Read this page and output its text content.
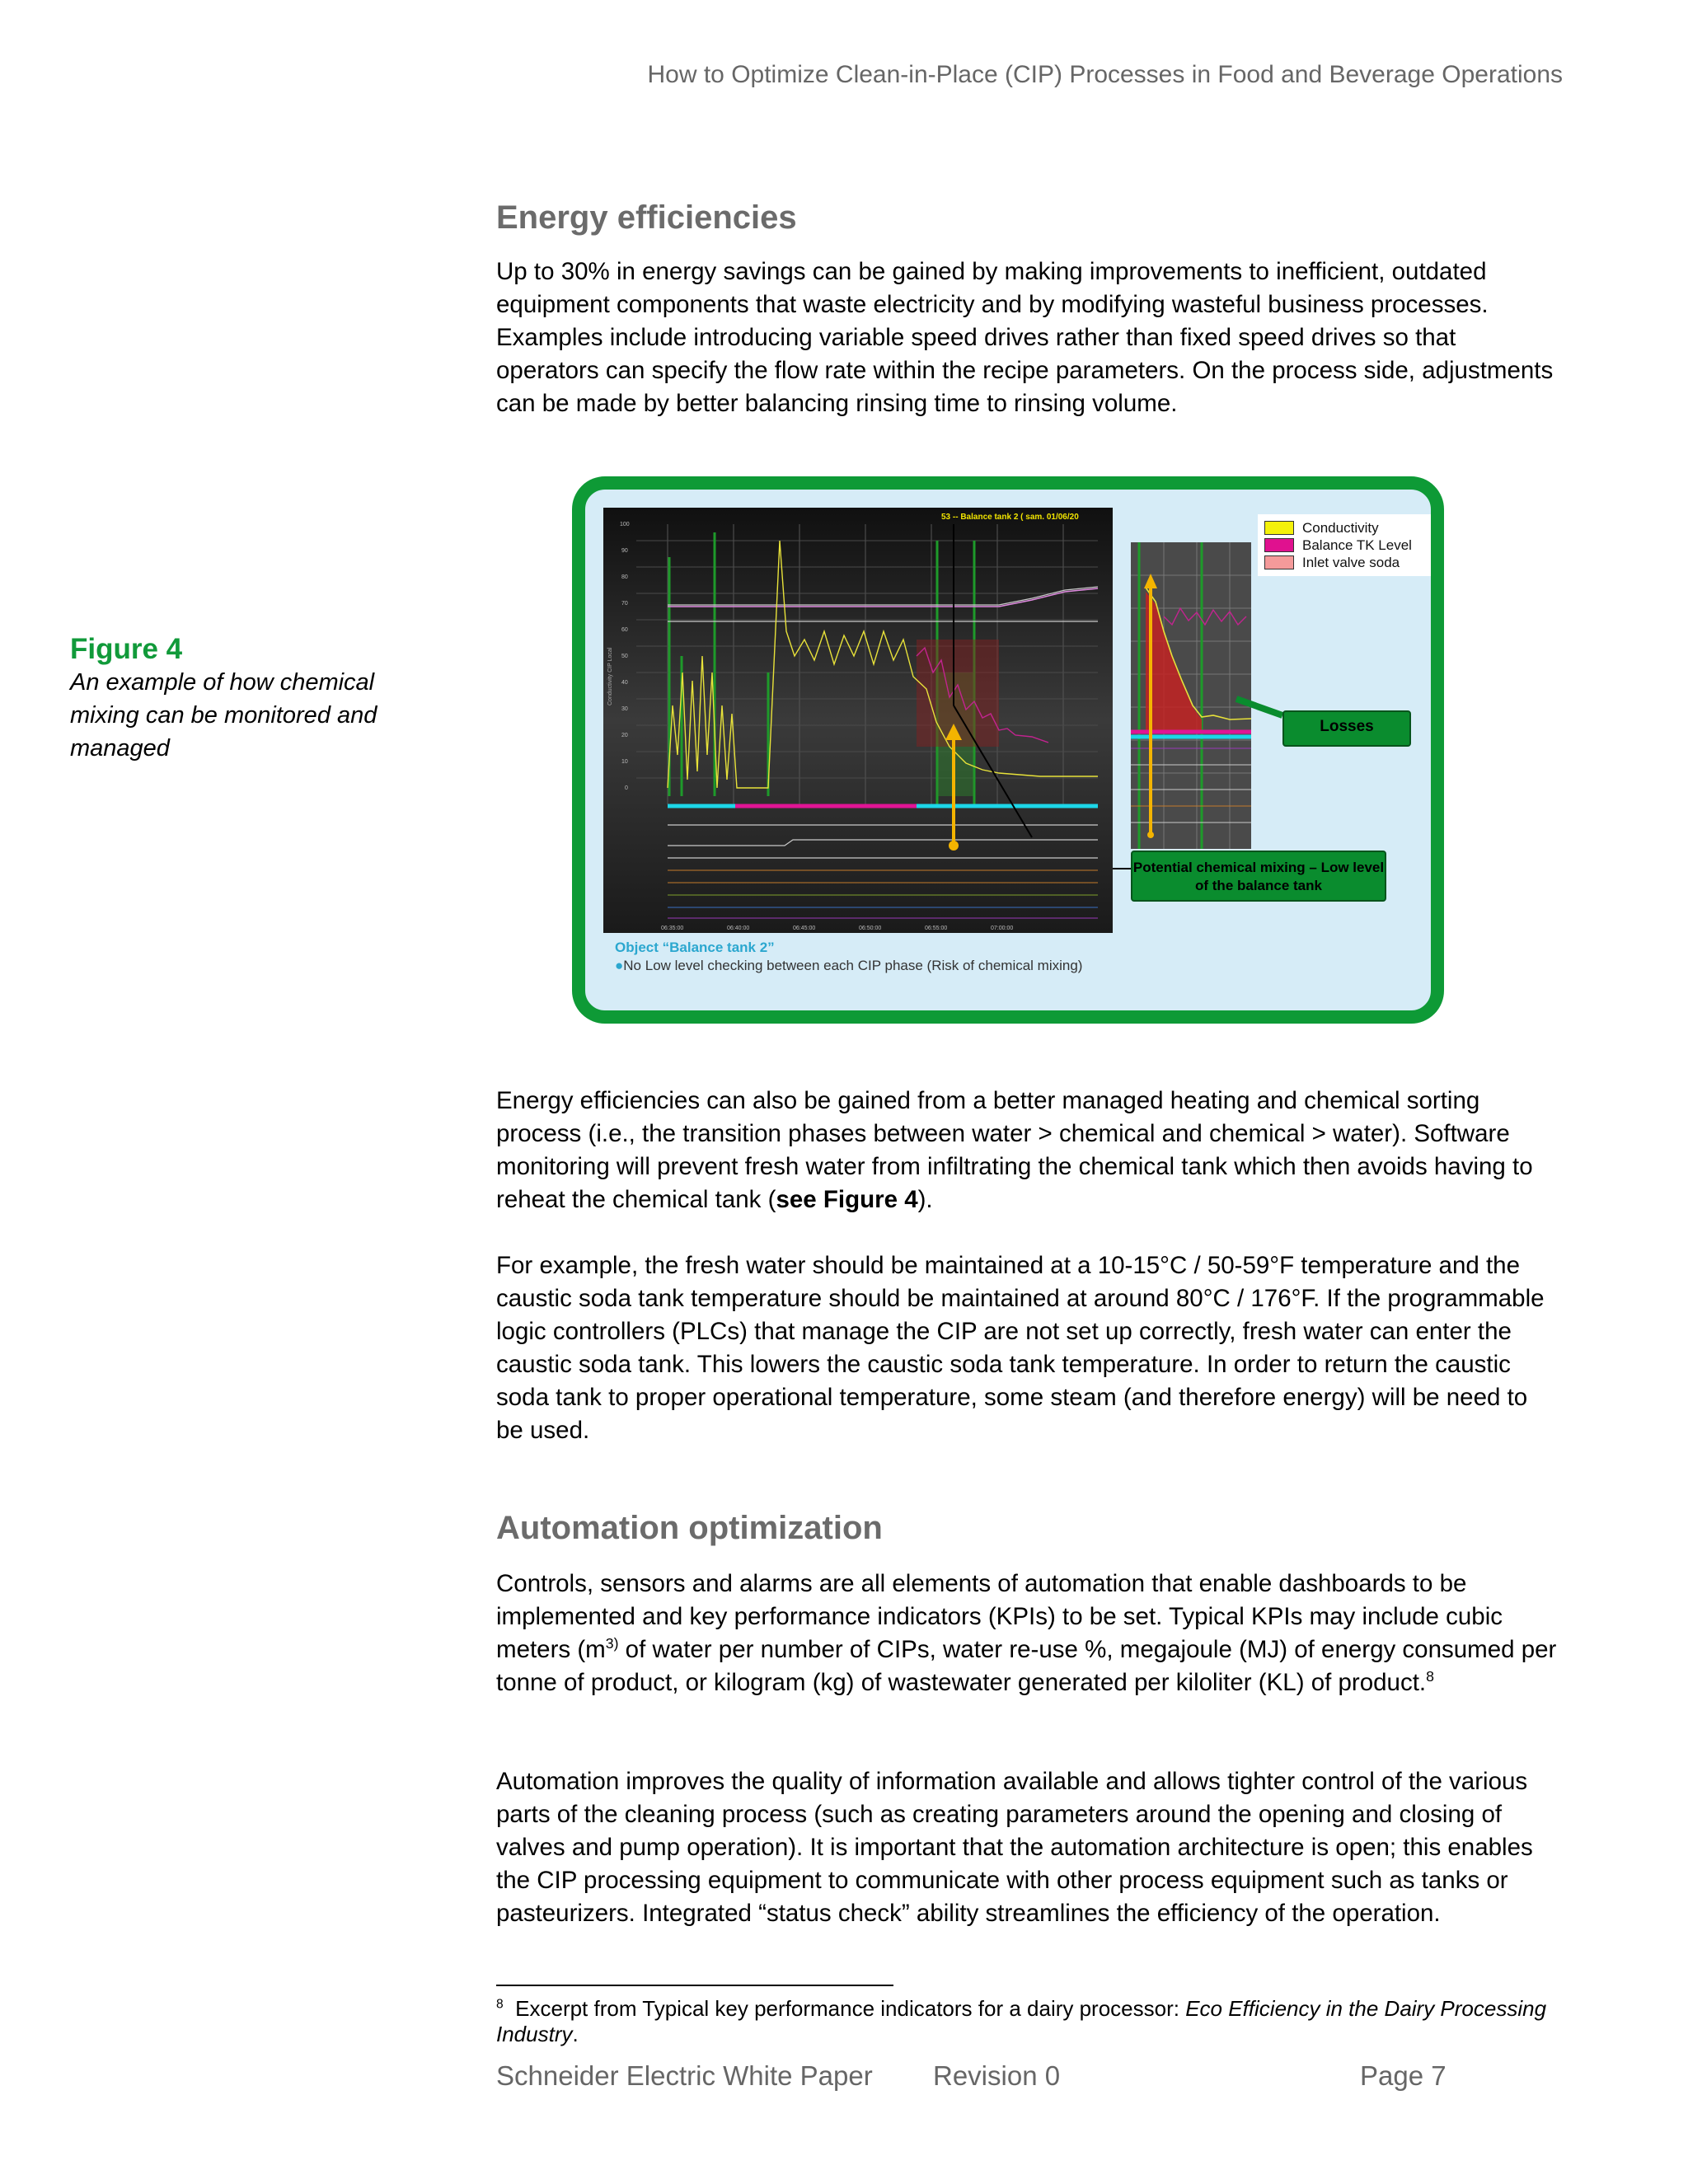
How to Optimize Clean-in-Place (CIP) Processes in Food and Beverage Operations
Energy efficiencies

Up to 30% in energy savings can be gained by making improvements to inefficient, outdated equipment components that waste electricity and by modifying wasteful business processes. Examples include introducing variable speed drives rather than fixed speed drives so that operators can specify the flow rate within the recipe parameters. On the process side, adjustments can be made by better balancing rinsing time to rinsing volume.

Figure 4
An example of how chemical mixing can be monitored and managed
100
90
80
70
60
50
40
30
20
10
0
Conductivity CIP Local
53 -- Balance tank 2 ( sam. 01/06/20
06:35:00	06:40:00	06:45:00	06:50:00	06:55:00	07:00:00
Conductivity
Balance TK Level
Inlet valve soda
Losses
Potential chemical mixing – Low level of the balance tank
Object “Balance tank 2”
●No Low level checking between each CIP phase (Risk of chemical mixing)

Energy efficiencies can also be gained from a better managed heating and chemical sorting process (i.e., the transition phases between water > chemical and chemical > water). Software monitoring will prevent fresh water from infiltrating the chemical tank which then avoids having to reheat the chemical tank (see Figure 4).

For example, the fresh water should be maintained at a 10-15°C / 50-59°F temperature and the caustic soda tank temperature should be maintained at around 80°C / 176°F. If the programmable logic controllers (PLCs) that manage the CIP are not set up correctly, fresh water can enter the caustic soda tank. This lowers the caustic soda tank temperature. In order to return the caustic soda tank to proper operational temperature, some steam (and therefore energy) will be need to be used.

Automation optimization

Controls, sensors and alarms are all elements of automation that enable dashboards to be implemented and key performance indicators (KPIs) to be set. Typical KPIs may include cubic meters ($m^{3)}$ of water per number of CIPs, water re-use %, megajoule (MJ) of energy consumed per tonne of product, or kilogram (kg) of wastewater generated per kiloliter (KL) of product.$^8$

Automation improves the quality of information available and allows tighter control of the various parts of the cleaning process (such as creating parameters around the opening and closing of valves and pump operation). It is important that the automation architecture is open; this enables the CIP processing equipment to communicate with other process equipment such as tanks or pasteurizers. Integrated “status check” ability streamlines the efficiency of the operation.

$^8$ Excerpt from Typical key performance indicators for a dairy processor: Eco Efficiency in the Dairy Processing Industry.
Schneider Electric White Paper Revision 0	Page 7
